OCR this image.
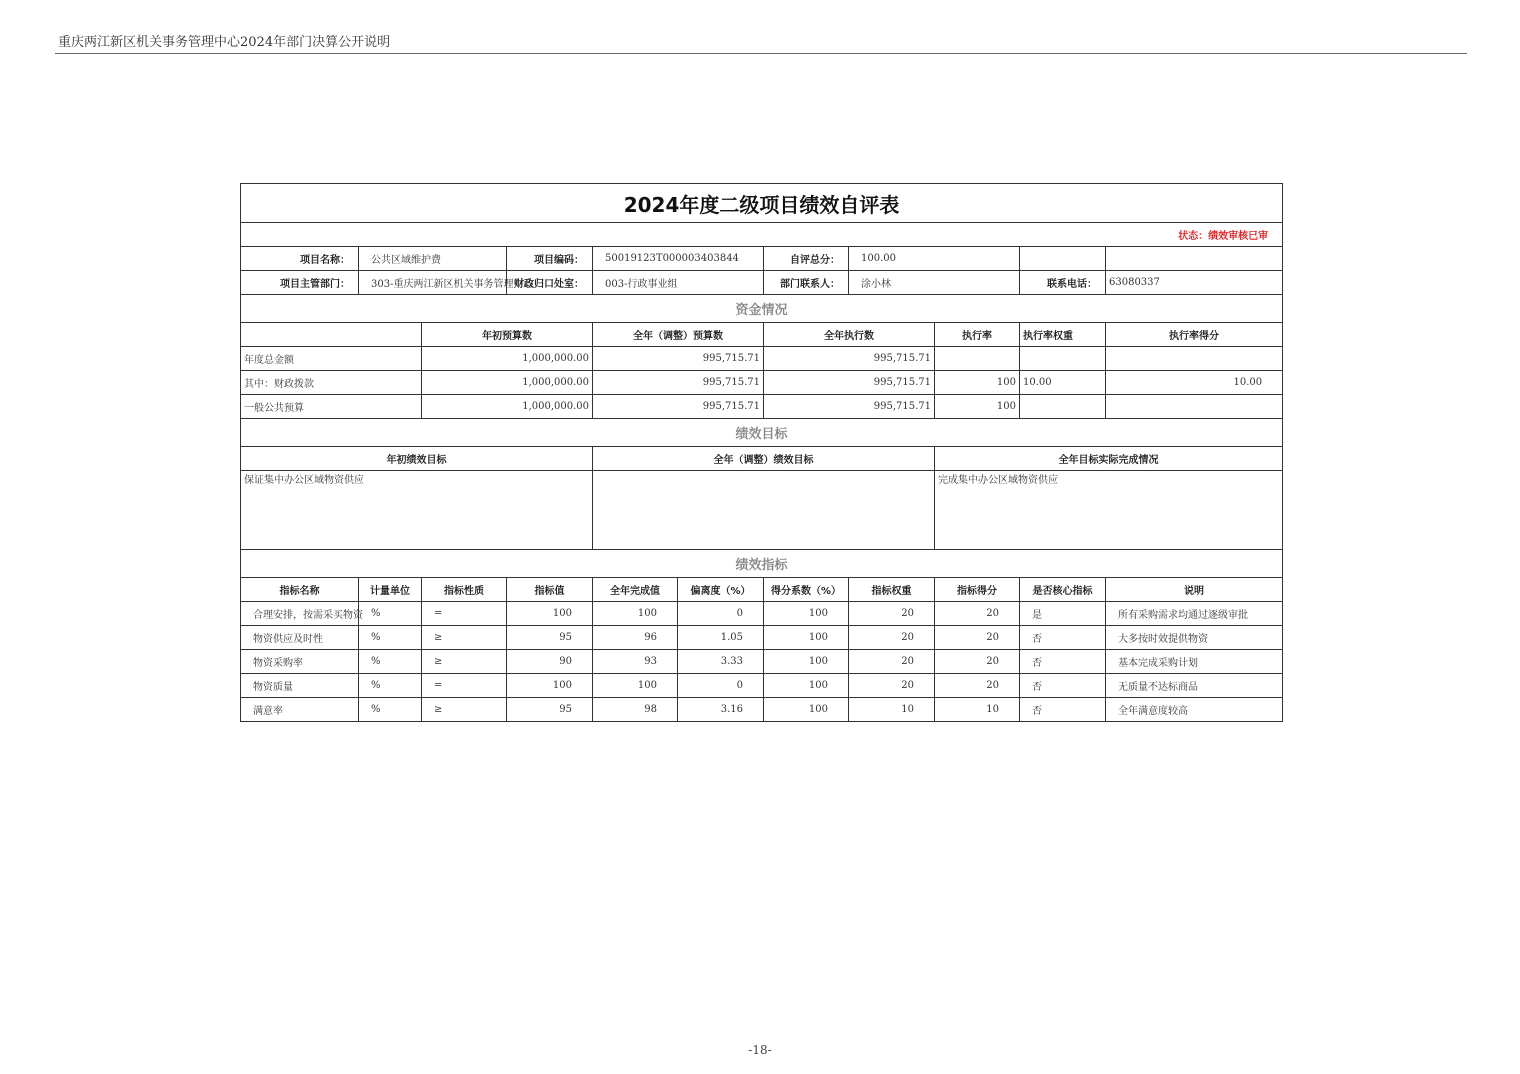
重庆两江新区机关事务管理中心2024年部门决算公开说明
2024年度二级项目绩效自评表										
状态：绩效审核已审										
项目名称：	公共区域维护费		项目编码：	50019123T000003403844		自评总分：	100.00			
项目主管部门：	303-重庆两江新区机关事务管理中心		财政归口处室：	003-行政事业组		部门联系人：	涂小林		联系电话：	63080337
资金情况										
		年初预算数		全年（调整）预算数		全年执行数		执行率	执行率权重	执行率得分
年度总金额		1,000,000.00		995,715.71		995,715.71				
其中：财政拨款		1,000,000.00		995,715.71		995,715.71		100	10.00	10.00
一般公共预算		1,000,000.00		995,715.71		995,715.71		100		
绩效目标										
年初绩效目标				全年（调整）绩效目标				全年目标实际完成情况		
保证集中办公区域物资供应								完成集中办公区域物资供应		
绩效指标										
指标名称	计量单位	指标性质	指标值	全年完成值	偏离度（%）	得分系数（%）	指标权重	指标得分	是否核心指标	说明
合理安排，按需采买物资	%	=	100	100	0	100	20	20	是	所有采购需求均通过逐级审批
物资供应及时性	%	≥	95	96	1.05	100	20	20	否	大多按时效提供物资
物资采购率	%	≥	90	93	3.33	100	20	20	否	基本完成采购计划
物资质量	%	=	100	100	0	100	20	20	否	无质量不达标商品
满意率	%	≥	95	98	3.16	100	10	10	否	全年满意度较高
-18-
